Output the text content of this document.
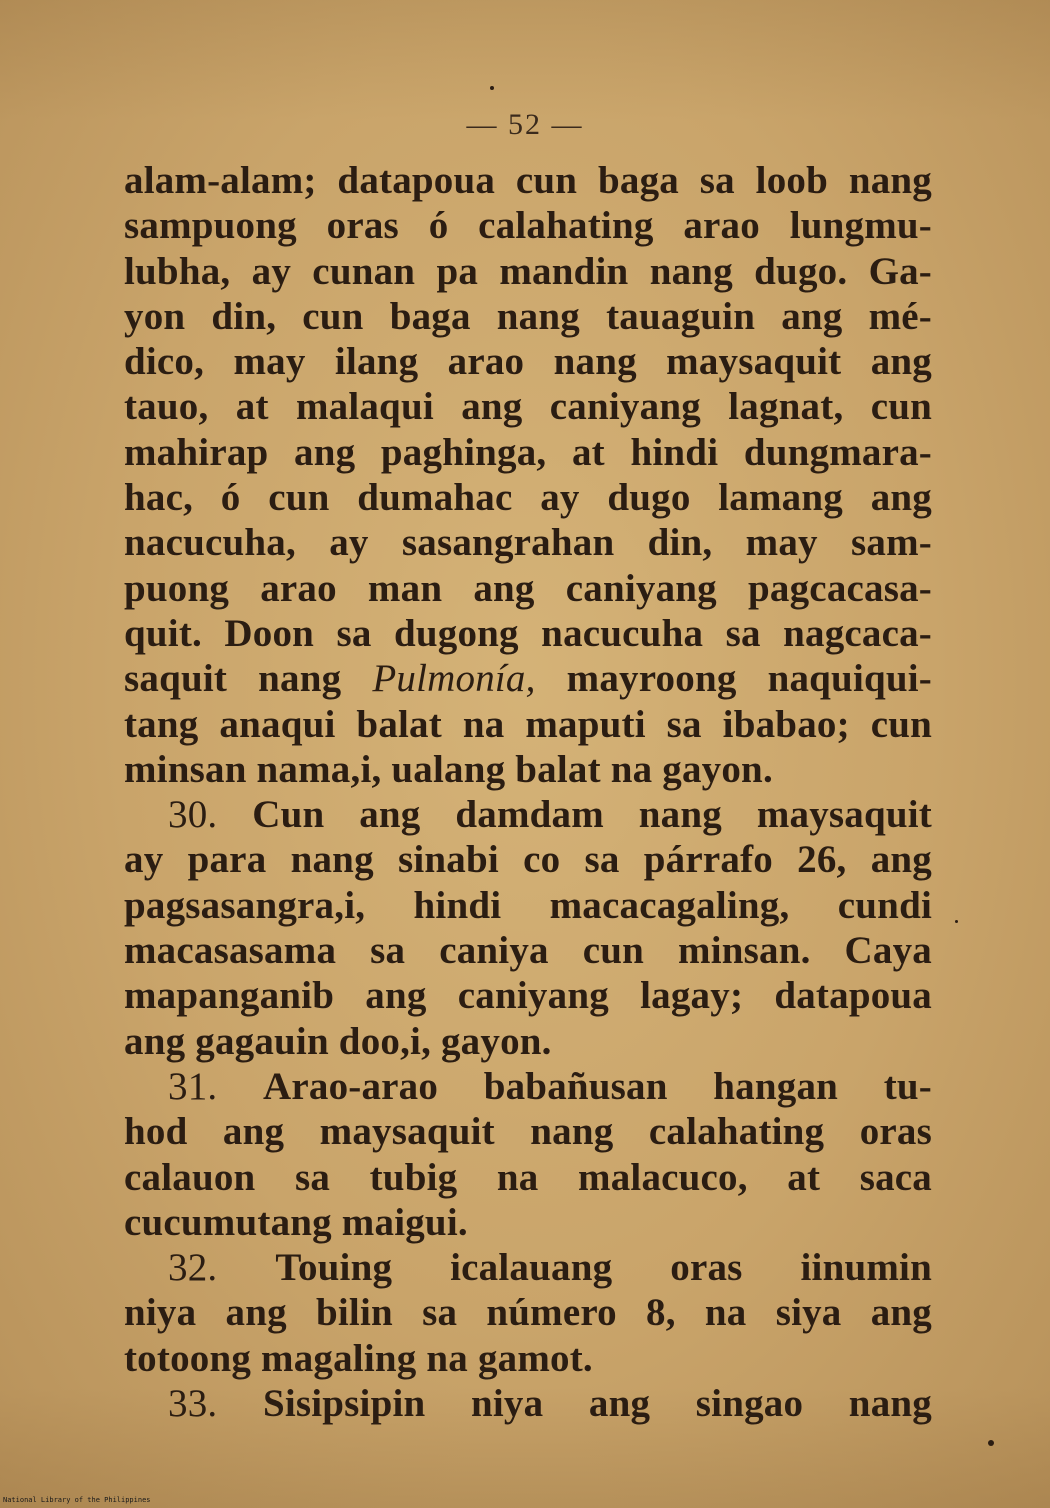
— 52 —
alam-alam; datapoua cun baga sa loob nang
sampuong oras ó calahating arao lungmu-
lubha, ay cunan pa mandin nang dugo. Ga-
yon din, cun baga nang tauaguin ang mé-
dico, may ilang arao nang maysaquit ang
tauo, at malaqui ang caniyang lagnat, cun
mahirap ang paghinga, at hindi dungmara-
hac, ó cun dumahac ay dugo lamang ang
nacucuha, ay sasangrahan din, may sam-
puong arao man ang caniyang pagcacasa-
quit. Doon sa dugong nacucuha sa nagcaca-
saquit nang Pulmonía, mayroong naquiqui-
tang anaqui balat na maputi sa ibabao; cun
minsan nama,i, ualang balat na gayon.
30. Cun ang damdam nang maysaquit
ay para nang sinabi co sa párrafo 26, ang
pagsasangra,i, hindi macacagaling, cundi
macasasama sa caniya cun minsan. Caya
mapanganib ang caniyang lagay; datapoua
ang gagauin doo,i, gayon.
31. Arao-arao babañusan hangan tu-
hod ang maysaquit nang calahating oras
calauon sa tubig na malacuco, at saca
cucumutang maigui.
32. Touing icalauang oras iinumin
niya ang bilin sa número 8, na siya ang
totoong magaling na gamot.
33. Sisipsipin niya ang singao nang
National Library of the Philippines
